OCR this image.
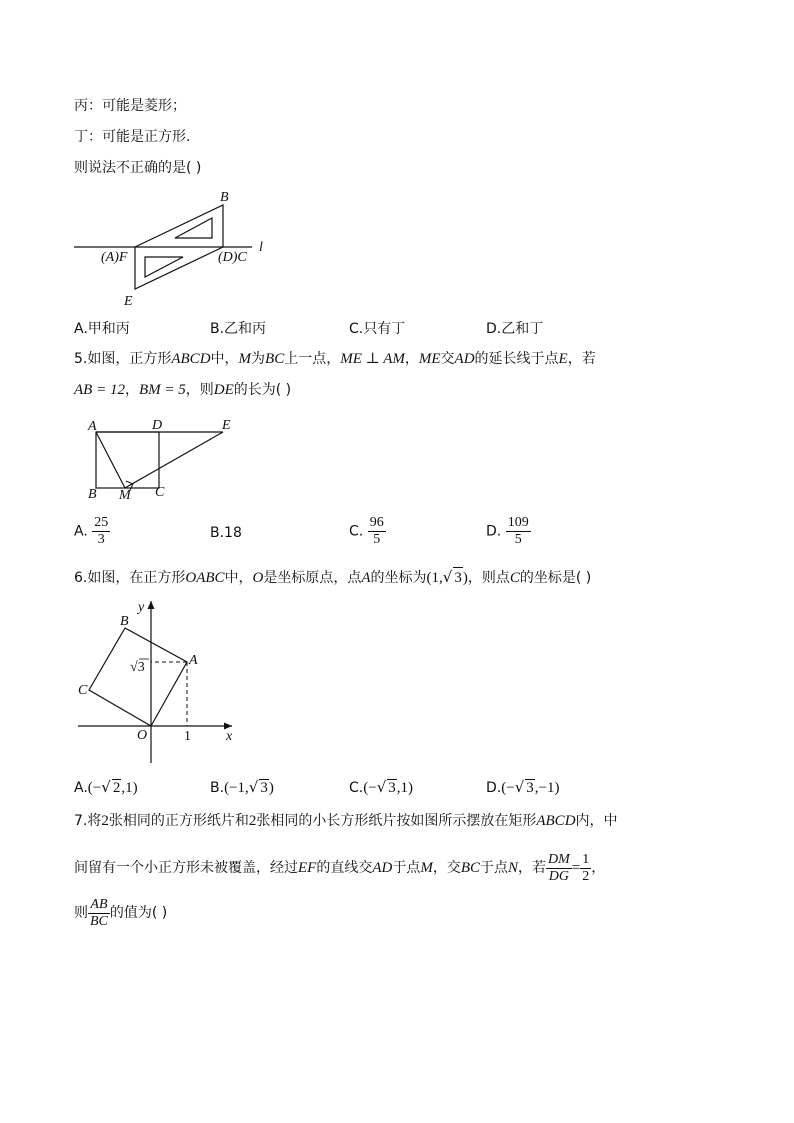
丙：可能是菱形；
丁：可能是正方形.
则说法不正确的是( )
B
(A)F	(D)C
l
E
A.甲和丙	B.乙和丙	C.只有丁	D.乙和丁
5.如图，正方形ABCD中，M为BC上一点，ME ⊥ AM，ME交AD的延长线于点E，若
AB = 12，BM = 5，则DE的长为( )
A	D	E
B M C
A. $\frac{25}{3}$	B.18	C. $\frac{96}{5}$	D. $\frac{109}{5}$
6.如图，在正方形OABC中，O是坐标原点，点A的坐标为(1,√ 3)，则点C的坐标是( )
y
B
A
√3
C
O	1	x
A.(−√ 2,1)	B.(−1,√ 3)	C.(−√ 3,1)	D.(−√ 3,−1)
7.将2张相同的正方形纸片和2张相同的小长方形纸片按如图所示摆放在矩形ABCD内，中
间留有一个小正方形未被覆盖，经过EF的直线交AD于点M，交BC于点N，若 $\frac{DM}{DG} = \frac{1}{2}$ ，
则 $\frac{AB}{BC}$ 的值为( )
